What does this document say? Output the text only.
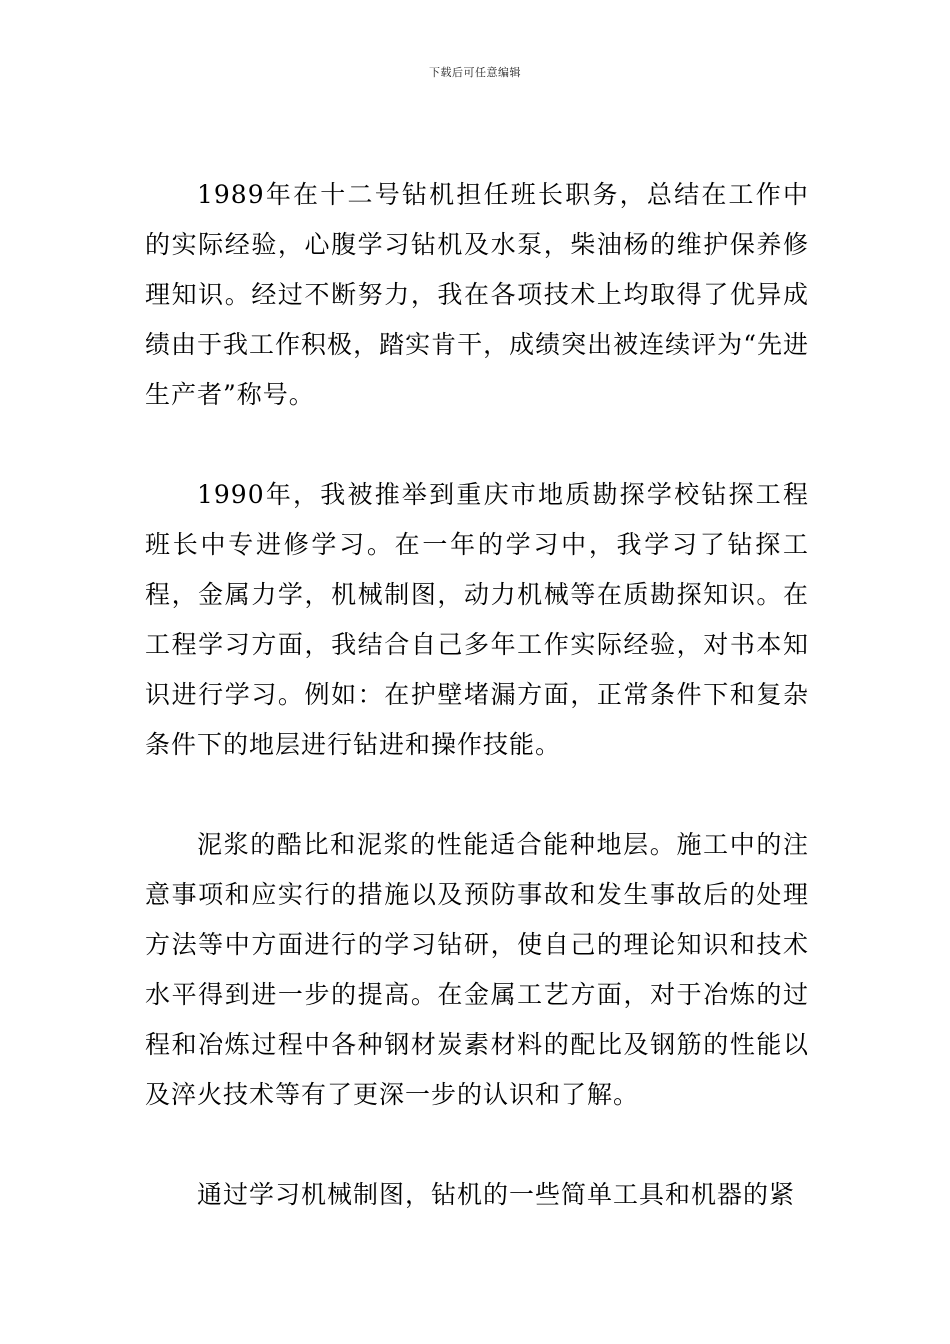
下载后可任意编辑

1989年在十二号钻机担任班长职务，总结在工作中的实际经验，心腹学习钻机及水泵，柴油杨的维护保养修理知识。经过不断努力，我在各项技术上均取得了优异成绩由于我工作积极，踏实肯干，成绩突出被连续评为“先进生产者”称号。

1990年，我被推举到重庆市地质勘探学校钻探工程班长中专进修学习。在一年的学习中，我学习了钻探工程，金属力学，机械制图，动力机械等在质勘探知识。在工程学习方面，我结合自己多年工作实际经验，对书本知识进行学习。例如：在护壁堵漏方面，正常条件下和复杂条件下的地层进行钻进和操作技能。

泥浆的酷比和泥浆的性能适合能种地层。施工中的注意事项和应实行的措施以及预防事故和发生事故后的处理方法等中方面进行的学习钻研，使自己的理论知识和技术水平得到进一步的提高。在金属工艺方面，对于冶炼的过程和冶炼过程中各种钢材炭素材料的配比及钢筋的性能以及淬火技术等有了更深一步的认识和了解。

通过学习机械制图，钻机的一些简单工具和机器的紧
